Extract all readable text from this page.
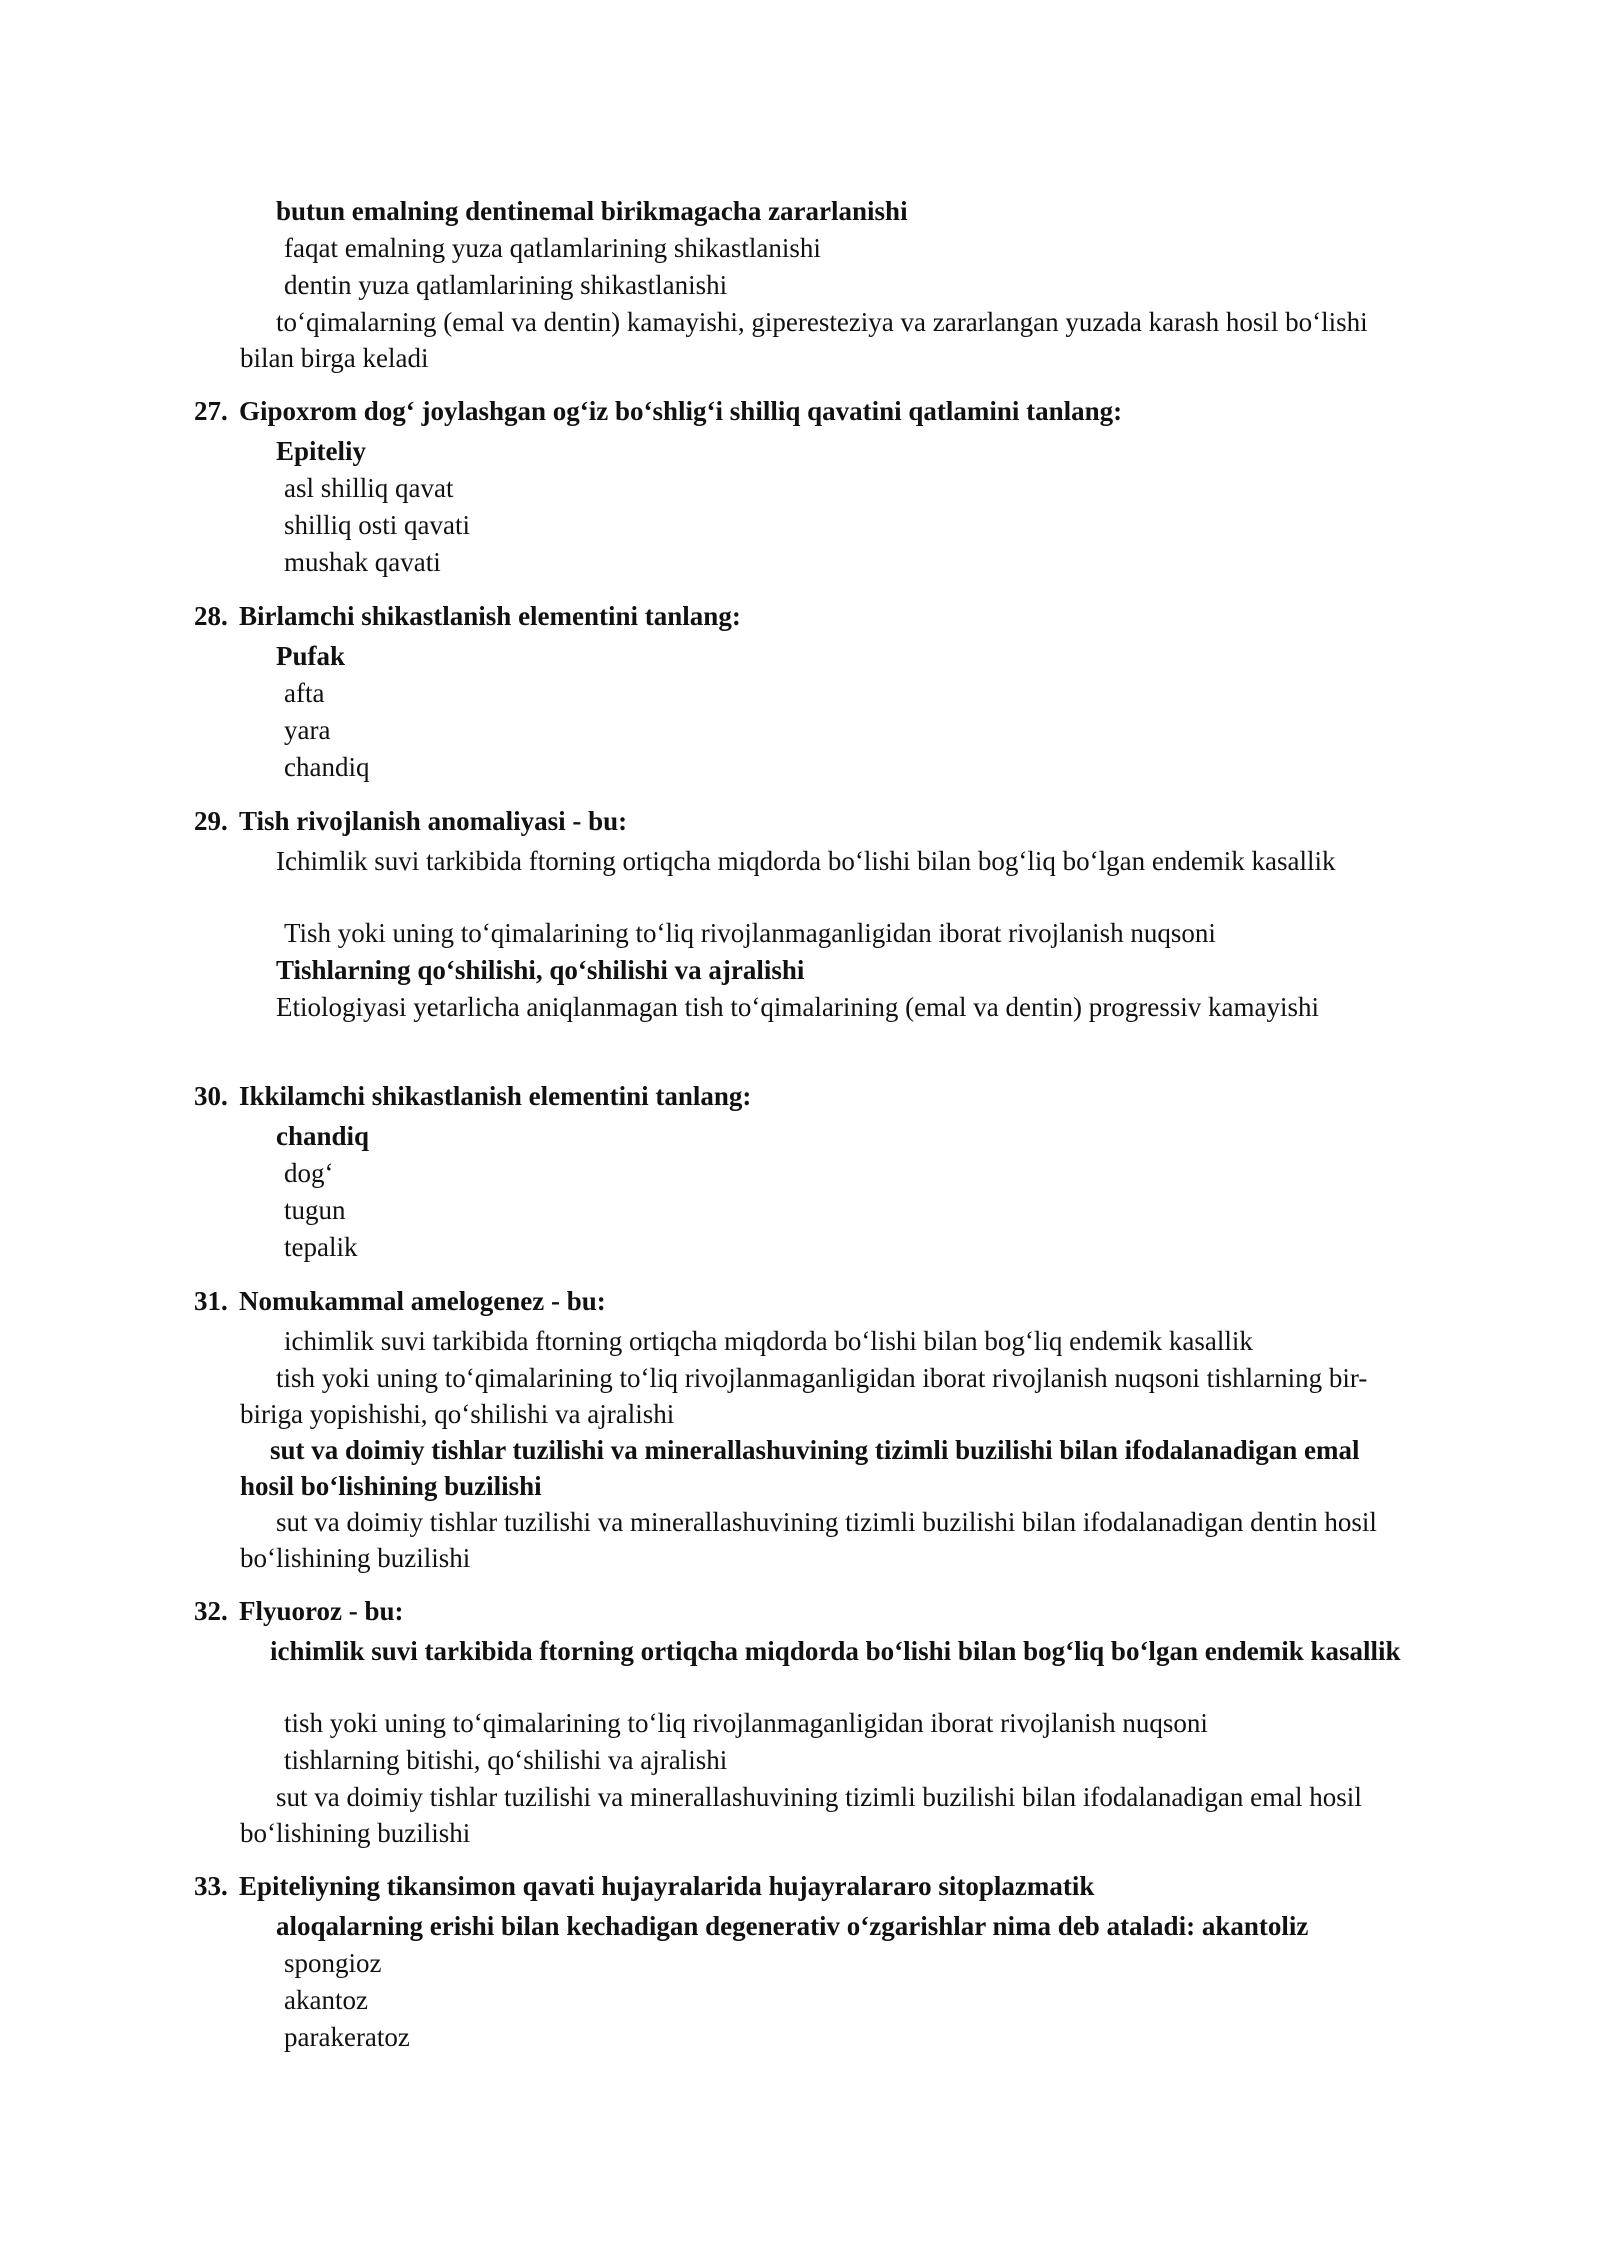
butun emalning dentinemal birikmagacha zararlanishi

faqat emalning yuza qatlamlarining shikastlanishi

dentin yuza qatlamlarining shikastlanishi

to‘qimalarning (emal va dentin) kamayishi, giperesteziya va zararlangan yuzada karash hosil bo‘lishi bilan birga keladi

27. Gipoxrom dog‘ joylashgan og‘iz bo‘shlig‘i shilliq qavatini qatlamini tanlang:

Epiteliy

asl shilliq qavat

shilliq osti qavati

mushak qavati

28. Birlamchi shikastlanish elementini tanlang:

Pufak

afta

yara

chandiq

29. Tish rivojlanish anomaliyasi - bu:

Ichimlik suvi tarkibida ftorning ortiqcha miqdorda bo‘lishi bilan bog‘liq bo‘lgan endemik kasallik

Tish yoki uning to‘qimalarining to‘liq rivojlanmaganligidan iborat rivojlanish nuqsoni

Tishlarning qo‘shilishi, qo‘shilishi va ajralishi

Etiologiyasi yetarlicha aniqlanmagan tish to‘qimalarining (emal va dentin) progressiv kamayishi

30. Ikkilamchi shikastlanish elementini tanlang:

chandiq

dog‘

tugun

tepalik

31. Nomukammal amelogenez - bu:

ichimlik suvi tarkibida ftorning ortiqcha miqdorda bo‘lishi bilan bog‘liq endemik kasallik

tish yoki uning to‘qimalarining to‘liq rivojlanmaganligidan iborat rivojlanish nuqsoni tishlarning bir-biriga yopishishi, qo‘shilishi va ajralishi

sut va doimiy tishlar tuzilishi va minerallashuvining tizimli buzilishi bilan ifodalanadigan emal hosil bo‘lishining buzilishi

sut va doimiy tishlar tuzilishi va minerallashuvining tizimli buzilishi bilan ifodalanadigan dentin hosil bo‘lishining buzilishi

32. Flyuoroz - bu:

ichimlik suvi tarkibida ftorning ortiqcha miqdorda bo‘lishi bilan bog‘liq bo‘lgan endemik kasallik

tish yoki uning to‘qimalarining to‘liq rivojlanmaganligidan iborat rivojlanish nuqsoni

tishlarning bitishi, qo‘shilishi va ajralishi

sut va doimiy tishlar tuzilishi va minerallashuvining tizimli buzilishi bilan ifodalanadigan emal hosil bo‘lishining buzilishi

33. Epiteliyning tikansimon qavati hujayralarida hujayralararo sitoplazmatik

aloqalarning erishi bilan kechadigan degenerativ o‘zgarishlar nima deb ataladi: akantoliz

spongioz

akantoz

parakeratoz
